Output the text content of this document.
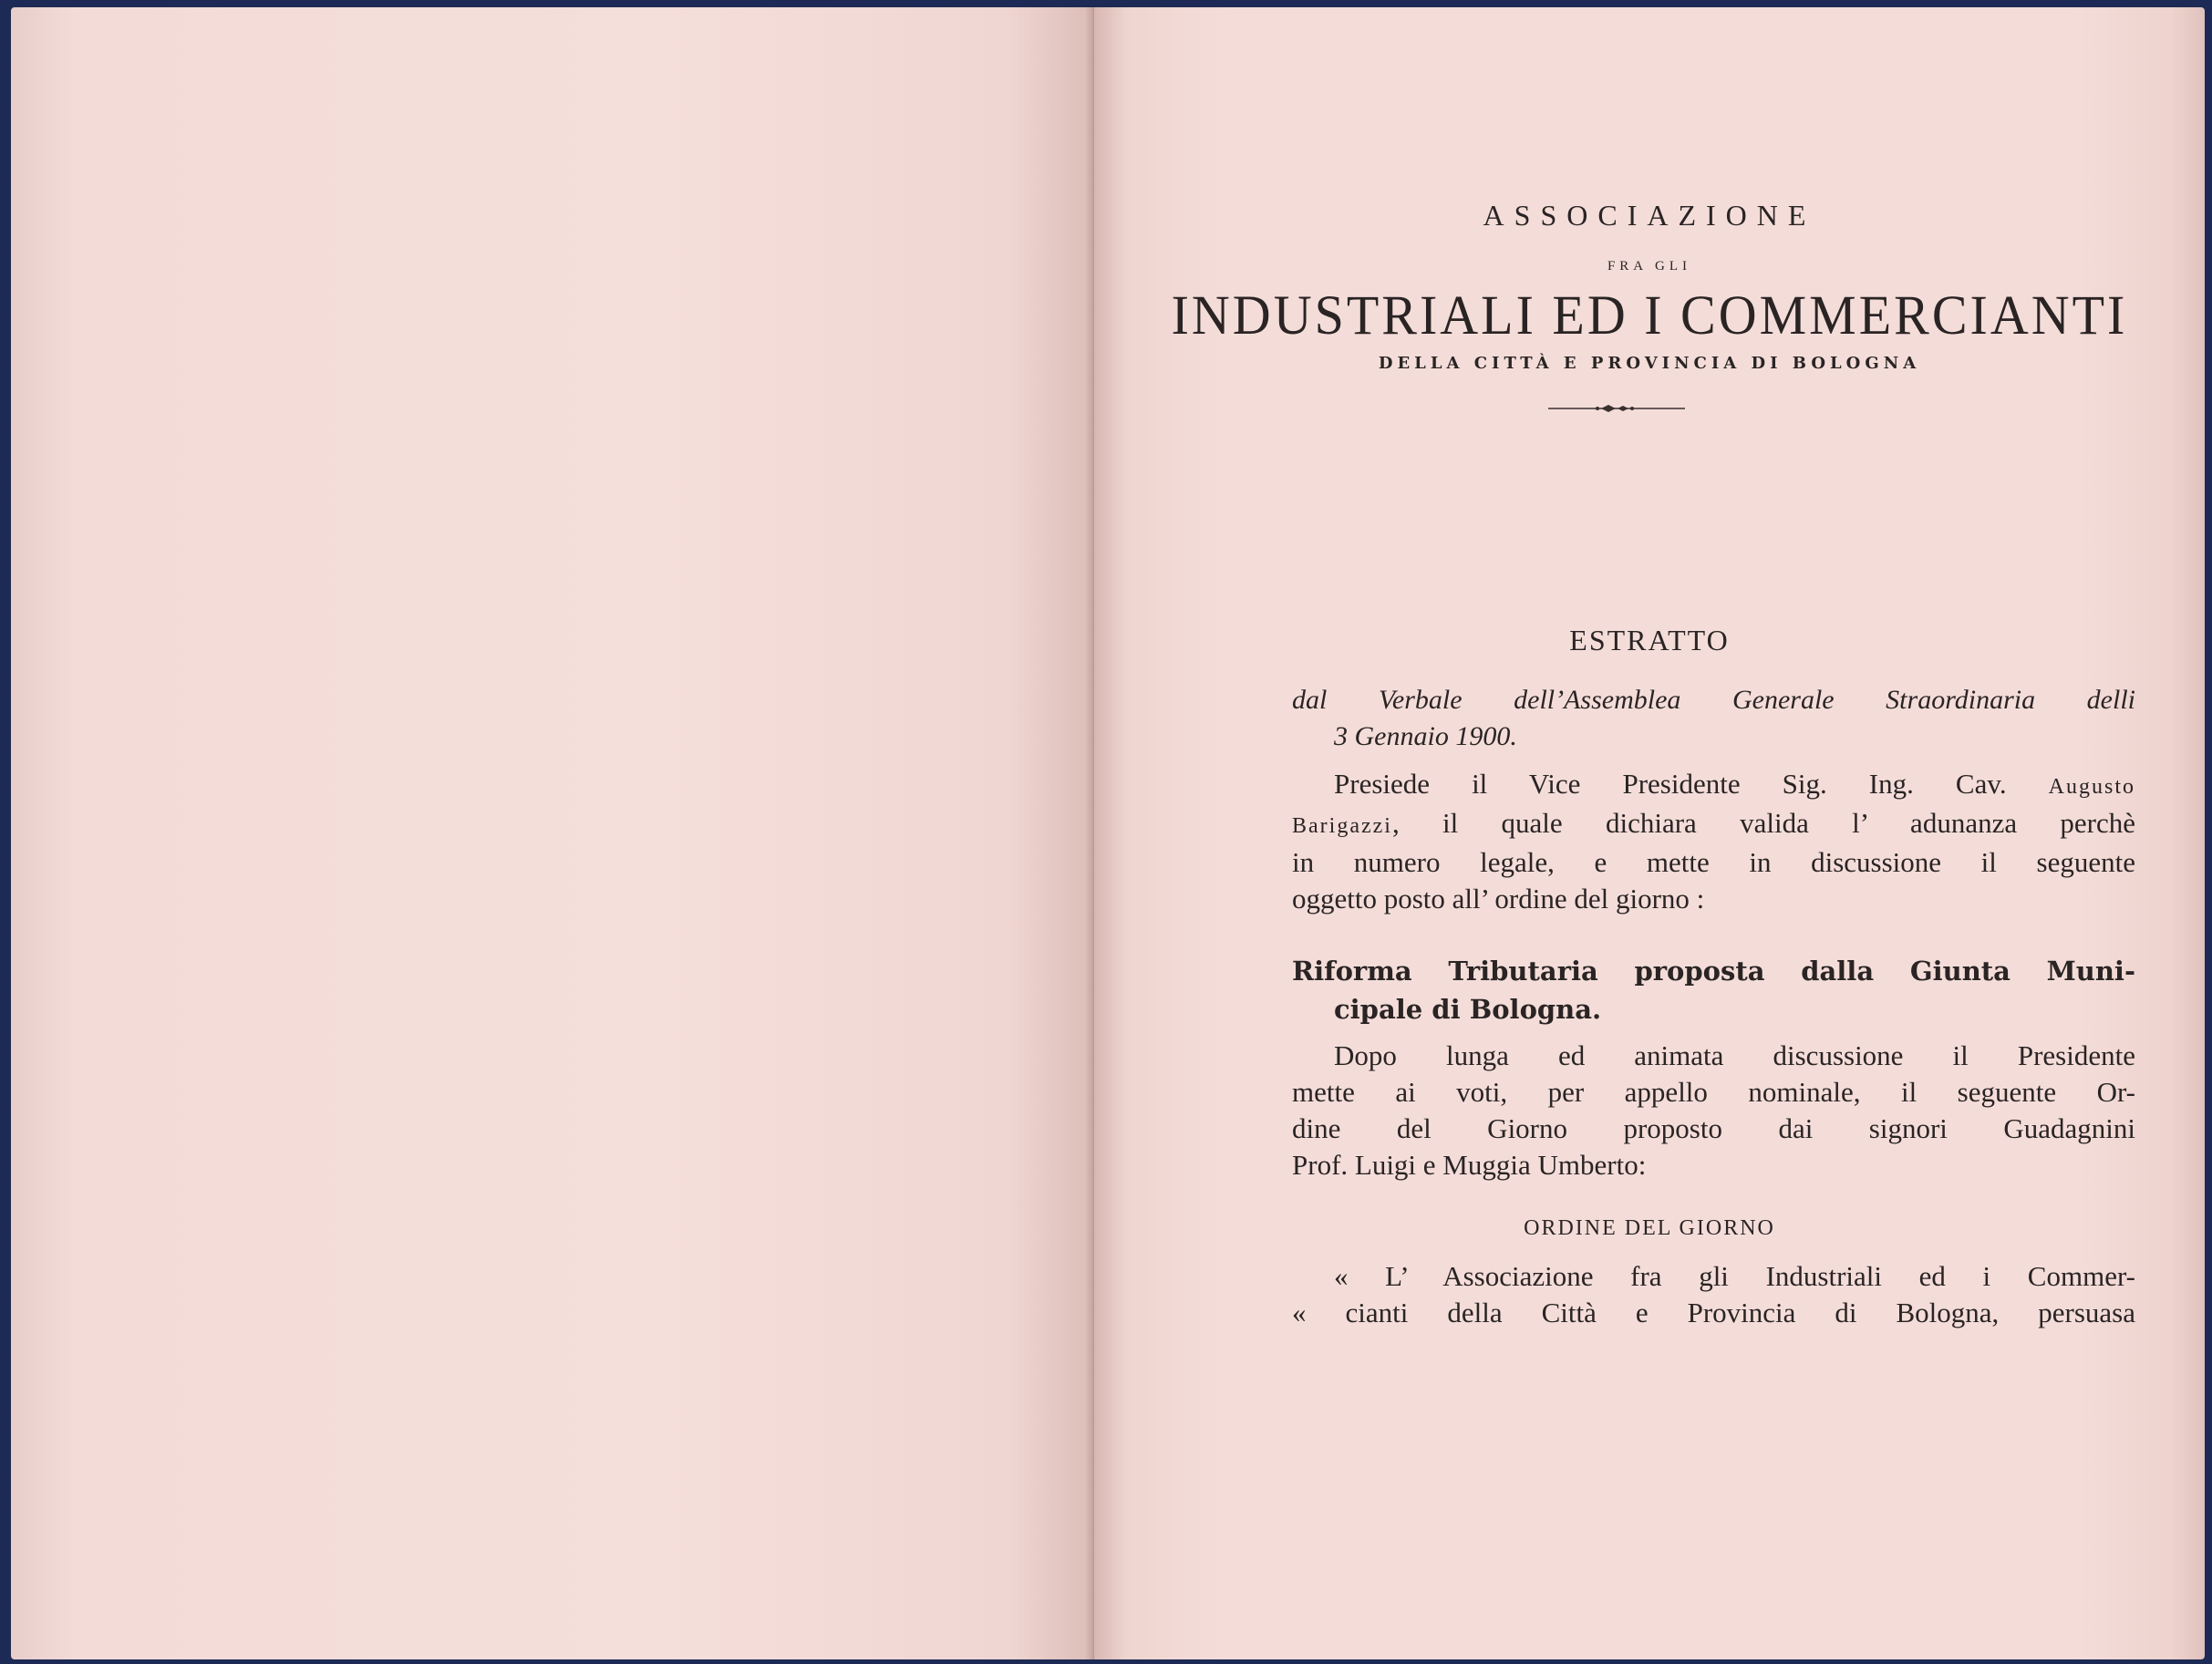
ASSOCIAZIONE
FRA GLI
INDUSTRIALI ED I COMMERCIANTI
DELLA CITTÀ E PROVINCIA DI BOLOGNA
ESTRATTO
dal Verbale dell’Assemblea Generale Straordinaria delli
3 Gennaio 1900.
Presiede il Vice Presidente Sig. Ing. Cav. Augusto
Barigazzi, il quale dichiara valida l’ adunanza perchè
in numero legale, e mette in discussione il seguente
oggetto posto all’ ordine del giorno :
Riforma Tributaria proposta dalla Giunta Muni-
cipale di Bologna.
Dopo lunga ed animata discussione il Presidente
mette ai voti, per appello nominale, il seguente Or-
dine del Giorno proposto dai signori Guadagnini
Prof. Luigi e Muggia Umberto:
ORDINE DEL GIORNO
« L’ Associazione fra gli Industriali ed i Commer-
« cianti della Città e Provincia di Bologna, persuasa
